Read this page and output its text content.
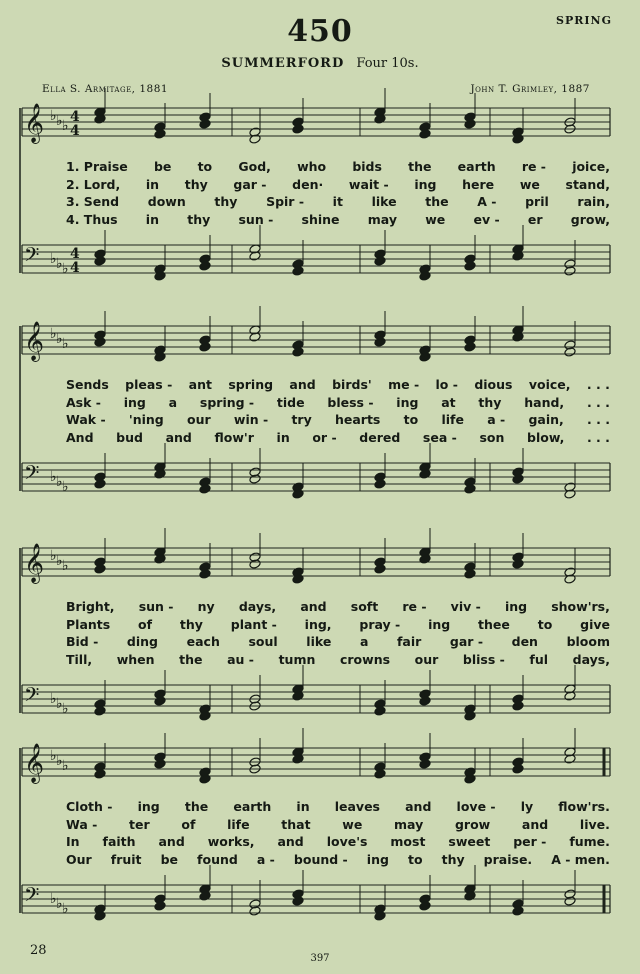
450	SPRING
SUMMERFORD Four 10s.
Ella S. Armitage, 1881	John T. Grimley, 1887
𝄞 ♭ ♭ ♭
4
4
𝄢 ♭ ♭ ♭
4
4
𝄞 ♭ ♭ ♭
𝄢 ♭ ♭ ♭
𝄞 ♭ ♭ ♭
𝄢 ♭ ♭ ♭
𝄞 ♭ ♭ ♭
𝄢 ♭ ♭ ♭
1. Praise be to God, who bids the earth re - joice,
2. Lord, in thy gar - den· wait - ing here we stand,
3. Send down thy Spir - it like the A - pril rain,
4. Thus in thy sun - shine may we ev - er grow,
Sends pleas - ant spring and birds' me - lo - dious voice, . . .
Ask - ing a spring - tide bless - ing at thy hand, . . .
Wak - 'ning our win - try hearts to life a - gain, . . .
And bud and flow'r in or - dered sea - son blow, . . .
Bright, sun - ny days, and soft re - viv - ing show'rs,
Plants of thy plant - ing, pray - ing thee to give
Bid - ding each soul like a fair gar - den bloom
Till, when the au - tumn crowns our bliss - ful days,
Cloth - ing the earth in leaves and love - ly flow'rs.
Wa -	ter	of	life	that	we	may	grow	and	live.
In faith and works, and love's most sweet per - fume.
Our fruit be found a - bound - ing to thy praise. A - men.
28
397
